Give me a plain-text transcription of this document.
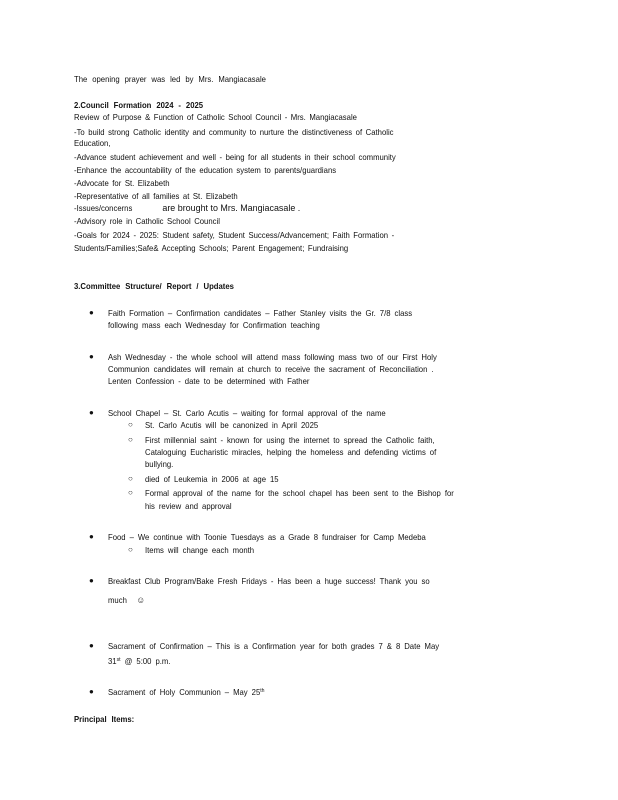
The opening prayer was led by Mrs. Mangiacasale
2.Council Formation 2024 - 2025
Review of Purpose & Function of Catholic School Council - Mrs. Mangiacasale
-To build strong Catholic identity and community to nurture the distinctiveness of Catholic
Education,
-Advance student achievement and well - being for all students in their school community
-Enhance the accountability of the education system to parents/guardians
-Advocate for St. Elizabeth
-Representative of all families at St. Elizabeth
-Issues/concerns	are brought to Mrs. Mangiacasale .
-Advisory role in Catholic School Council
-Goals for 2024 - 2025: Student safety, Student Success/Advancement; Faith Formation -
Students/Families;Safe& Accepting Schools; Parent Engagement; Fundraising
3.Committee Structure/ Report / Updates
● Faith Formation – Confirmation candidates – Father Stanley visits the Gr. 7/8 class
following mass each Wednesday for Confirmation teaching
● Ash Wednesday - the whole school will attend mass following mass two of our First Holy
Communion candidates will remain at church to receive the sacrament of Reconciliation .
Lenten Confession - date to be determined with Father
● School Chapel – St. Carlo Acutis – waiting for formal approval of the name
○ St. Carlo Acutis will be canonized in April 2025
○ First millennial saint - known for using the internet to spread the Catholic faith,
Cataloguing Eucharistic miracles, helping the homeless and defending victims of
bullying.
○ died of Leukemia in 2006 at age 15
○ Formal approval of the name for the school chapel has been sent to the Bishop for
his review and approval
● Food – We continue with Toonie Tuesdays as a Grade 8 fundraiser for Camp Medeba
○ Items will change each month
● Breakfast Club Program/Bake Fresh Fridays - Has been a huge success! Thank you so
much ☺
● Sacrament of Confirmation – This is a Confirmation year for both grades 7 & 8 Date May
31st @ 5:00 p.m.
● Sacrament of Holy Communion – May 25th
Principal Items:
